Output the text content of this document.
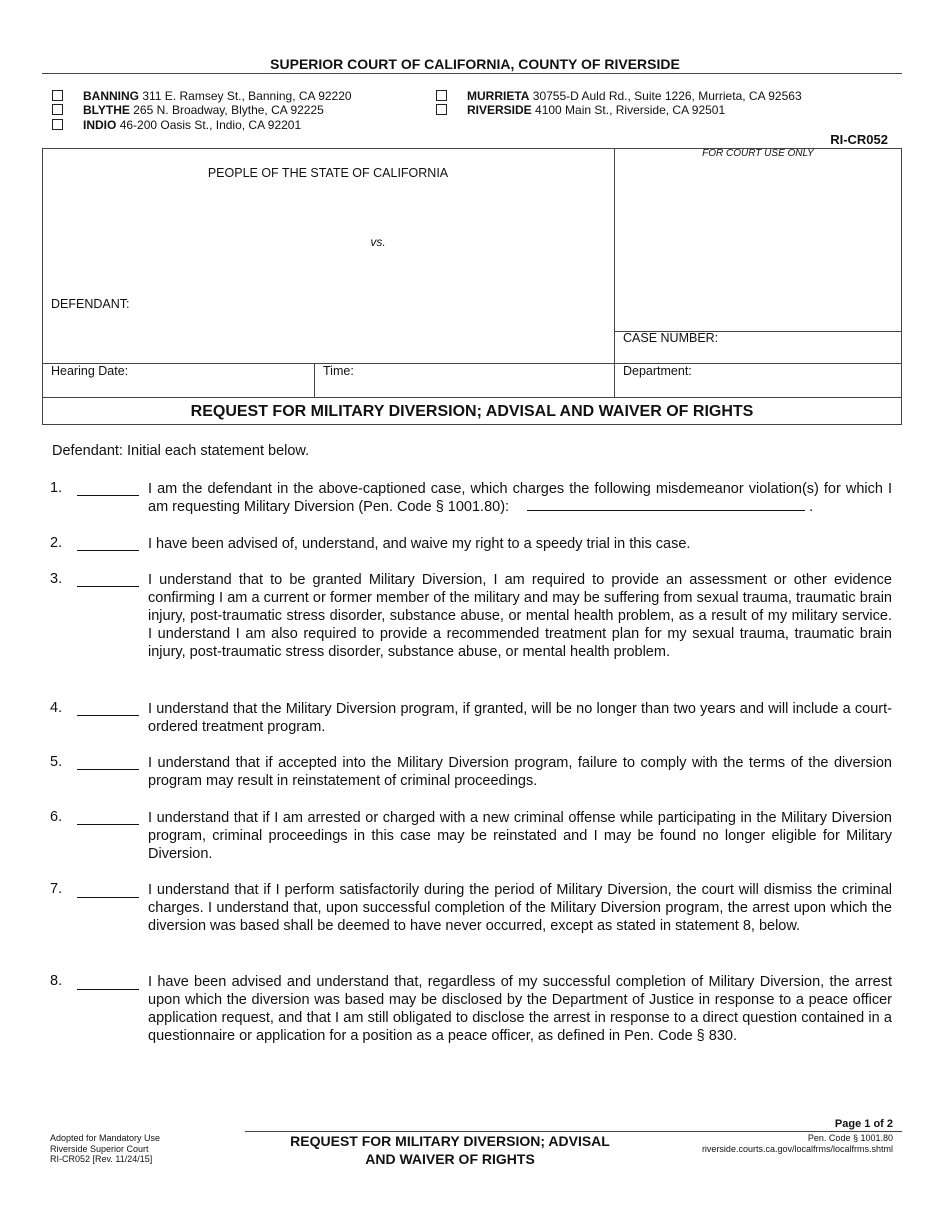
SUPERIOR COURT OF CALIFORNIA, COUNTY OF RIVERSIDE
BANNING 311 E. Ramsey St., Banning, CA 92220
BLYTHE 265 N. Broadway, Blythe, CA 92225
INDIO 46-200 Oasis St., Indio, CA 92201
MURRIETA 30755-D Auld Rd., Suite 1226, Murrieta, CA 92563
RIVERSIDE 4100 Main St., Riverside, CA 92501
RI-CR052
PEOPLE OF THE STATE OF CALIFORNIA
vs.
DEFENDANT:
FOR COURT USE ONLY
CASE NUMBER:
Hearing Date:	Time:	Department:
REQUEST FOR MILITARY DIVERSION; ADVISAL AND WAIVER OF RIGHTS
Defendant: Initial each statement below.
1.	I am the defendant in the above-captioned case, which charges the following misdemeanor violation(s) for which I am requesting Military Diversion (Pen. Code § 1001.80):	.
2.	I have been advised of, understand, and waive my right to a speedy trial in this case.
3.	I understand that to be granted Military Diversion, I am required to provide an assessment or other evidence confirming I am a current or former member of the military and may be suffering from sexual trauma, traumatic brain injury, post-traumatic stress disorder, substance abuse, or mental health problem, as a result of my military service. I understand I am also required to provide a recommended treatment plan for my sexual trauma, traumatic brain injury, post-traumatic stress disorder, substance abuse, or mental health problem.
4.	I understand that the Military Diversion program, if granted, will be no longer than two years and will include a court-ordered treatment program.
5.	I understand that if accepted into the Military Diversion program, failure to comply with the terms of the diversion program may result in reinstatement of criminal proceedings.
6.	I understand that if I am arrested or charged with a new criminal offense while participating in the Military Diversion program, criminal proceedings in this case may be reinstated and I may be found no longer eligible for Military Diversion.
7.	I understand that if I perform satisfactorily during the period of Military Diversion, the court will dismiss the criminal charges. I understand that, upon successful completion of the Military Diversion program, the arrest upon which the diversion was based shall be deemed to have never occurred, except as stated in statement 8, below.
8.	I have been advised and understand that, regardless of my successful completion of Military Diversion, the arrest upon which the diversion was based may be disclosed by the Department of Justice in response to a peace officer application request, and that I am still obligated to disclose the arrest in response to a direct question contained in a questionnaire or application for a position as a peace officer, as defined in Pen. Code § 830.
Page 1 of 2
Adopted for Mandatory Use
Riverside Superior Court
RI-CR052 [Rev. 11/24/15]
REQUEST FOR MILITARY DIVERSION; ADVISAL
AND WAIVER OF RIGHTS
Pen. Code § 1001.80
riverside.courts.ca.gov/localfrms/localfrms.shtml
